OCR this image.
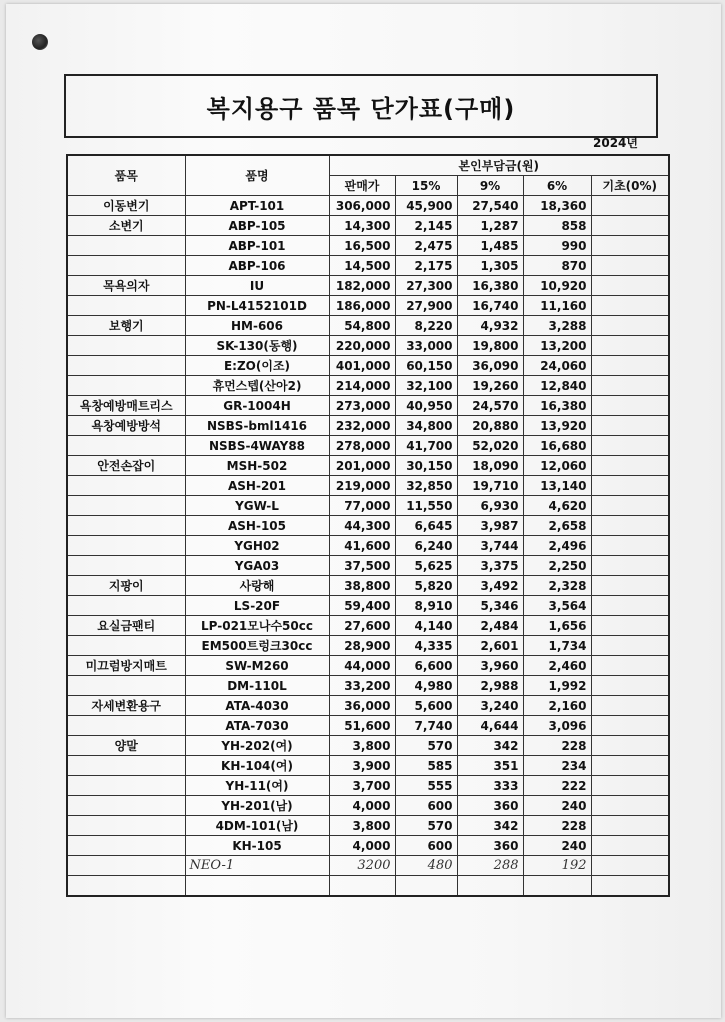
복지용구 품목 단가표(구매)
2024년
품목	품명	본인부담금(원)				
		판매가	15%	9%	6%	기초(0%)
이동변기	APT-101	306,000	45,900	27,540	18,360	
소변기	ABP-105	14,300	2,145	1,287	858	
	ABP-101	16,500	2,475	1,485	990	
	ABP-106	14,500	2,175	1,305	870	
목욕의자	IU	182,000	27,300	16,380	10,920	
	PN-L4152101D	186,000	27,900	16,740	11,160	
보행기	HM-606	54,800	8,220	4,932	3,288	
	SK-130(동행)	220,000	33,000	19,800	13,200	
	E:ZO(이조)	401,000	60,150	36,090	24,060	
	휴먼스텝(산아2)	214,000	32,100	19,260	12,840	
욕창예방매트리스	GR-1004H	273,000	40,950	24,570	16,380	
욕창예방방석	NSBS-bml1416	232,000	34,800	20,880	13,920	
	NSBS-4WAY88	278,000	41,700	52,020	16,680	
안전손잡이	MSH-502	201,000	30,150	18,090	12,060	
	ASH-201	219,000	32,850	19,710	13,140	
	YGW-L	77,000	11,550	6,930	4,620	
	ASH-105	44,300	6,645	3,987	2,658	
	YGH02	41,600	6,240	3,744	2,496	
	YGA03	37,500	5,625	3,375	2,250	
지팡이	사랑해	38,800	5,820	3,492	2,328	
	LS-20F	59,400	8,910	5,346	3,564	
요실금팬티	LP-021모나수50cc	27,600	4,140	2,484	1,656	
	EM500트렁크30cc	28,900	4,335	2,601	1,734	
미끄럼방지매트	SW-M260	44,000	6,600	3,960	2,460	
	DM-110L	33,200	4,980	2,988	1,992	
자세변환용구	ATA-4030	36,000	5,600	3,240	2,160	
	ATA-7030	51,600	7,740	4,644	3,096	
양말	YH-202(여)	3,800	570	342	228	
	KH-104(여)	3,900	585	351	234	
	YH-11(여)	3,700	555	333	222	
	YH-201(남)	4,000	600	360	240	
	4DM-101(남)	3,800	570	342	228	
	KH-105	4,000	600	360	240	
	NEO-1	3200	480	288	192	
